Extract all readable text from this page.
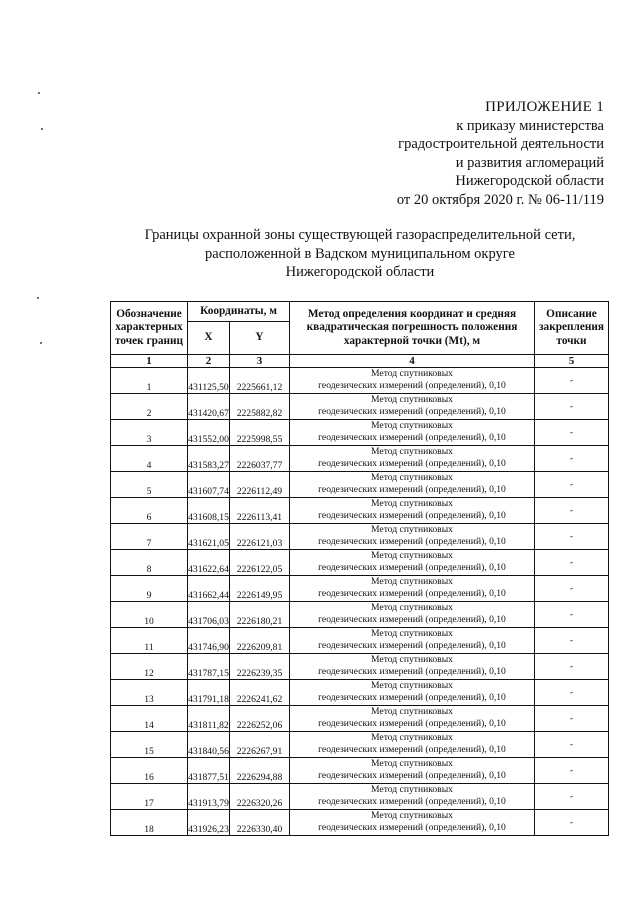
ПРИЛОЖЕНИЕ 1
к приказу министерства
градостроительной деятельности
и развития агломераций
Нижегородской области
от 20 октября 2020 г. № 06-11/119
Границы охранной зоны существующей газораспределительной сети,
расположенной в Вадском муниципальном округе
Нижегородской области
Обозначение характерных точек границ	Координаты, м		Метод определения координат и средняя квадратическая погрешность положения характерной точки (Mt), м	Описание закрепления точки
	X	Y		
1	2	3	4	5
1	431125,50	2225661,12	Метод спутниковых
геодезических измерений (определений), 0,10	-
2	431420,67	2225882,82	Метод спутниковых
геодезических измерений (определений), 0,10	-
3	431552,00	2225998,55	Метод спутниковых
геодезических измерений (определений), 0,10	-
4	431583,27	2226037,77	Метод спутниковых
геодезических измерений (определений), 0,10	-
5	431607,74	2226112,49	Метод спутниковых
геодезических измерений (определений), 0,10	-
6	431608,15	2226113,41	Метод спутниковых
геодезических измерений (определений), 0,10	-
7	431621,05	2226121,03	Метод спутниковых
геодезических измерений (определений), 0,10	-
8	431622,64	2226122,05	Метод спутниковых
геодезических измерений (определений), 0,10	-
9	431662,44	2226149,95	Метод спутниковых
геодезических измерений (определений), 0,10	-
10	431706,03	2226180,21	Метод спутниковых
геодезических измерений (определений), 0,10	-
11	431746,90	2226209,81	Метод спутниковых
геодезических измерений (определений), 0,10	-
12	431787,15	2226239,35	Метод спутниковых
геодезических измерений (определений), 0,10	-
13	431791,18	2226241,62	Метод спутниковых
геодезических измерений (определений), 0,10	-
14	431811,82	2226252,06	Метод спутниковых
геодезических измерений (определений), 0,10	-
15	431840,56	2226267,91	Метод спутниковых
геодезических измерений (определений), 0,10	-
16	431877,51	2226294,88	Метод спутниковых
геодезических измерений (определений), 0,10	-
17	431913,79	2226320,26	Метод спутниковых
геодезических измерений (определений), 0,10	-
18	431926,23	2226330,40	Метод спутниковых
геодезических измерений (определений), 0,10	-
